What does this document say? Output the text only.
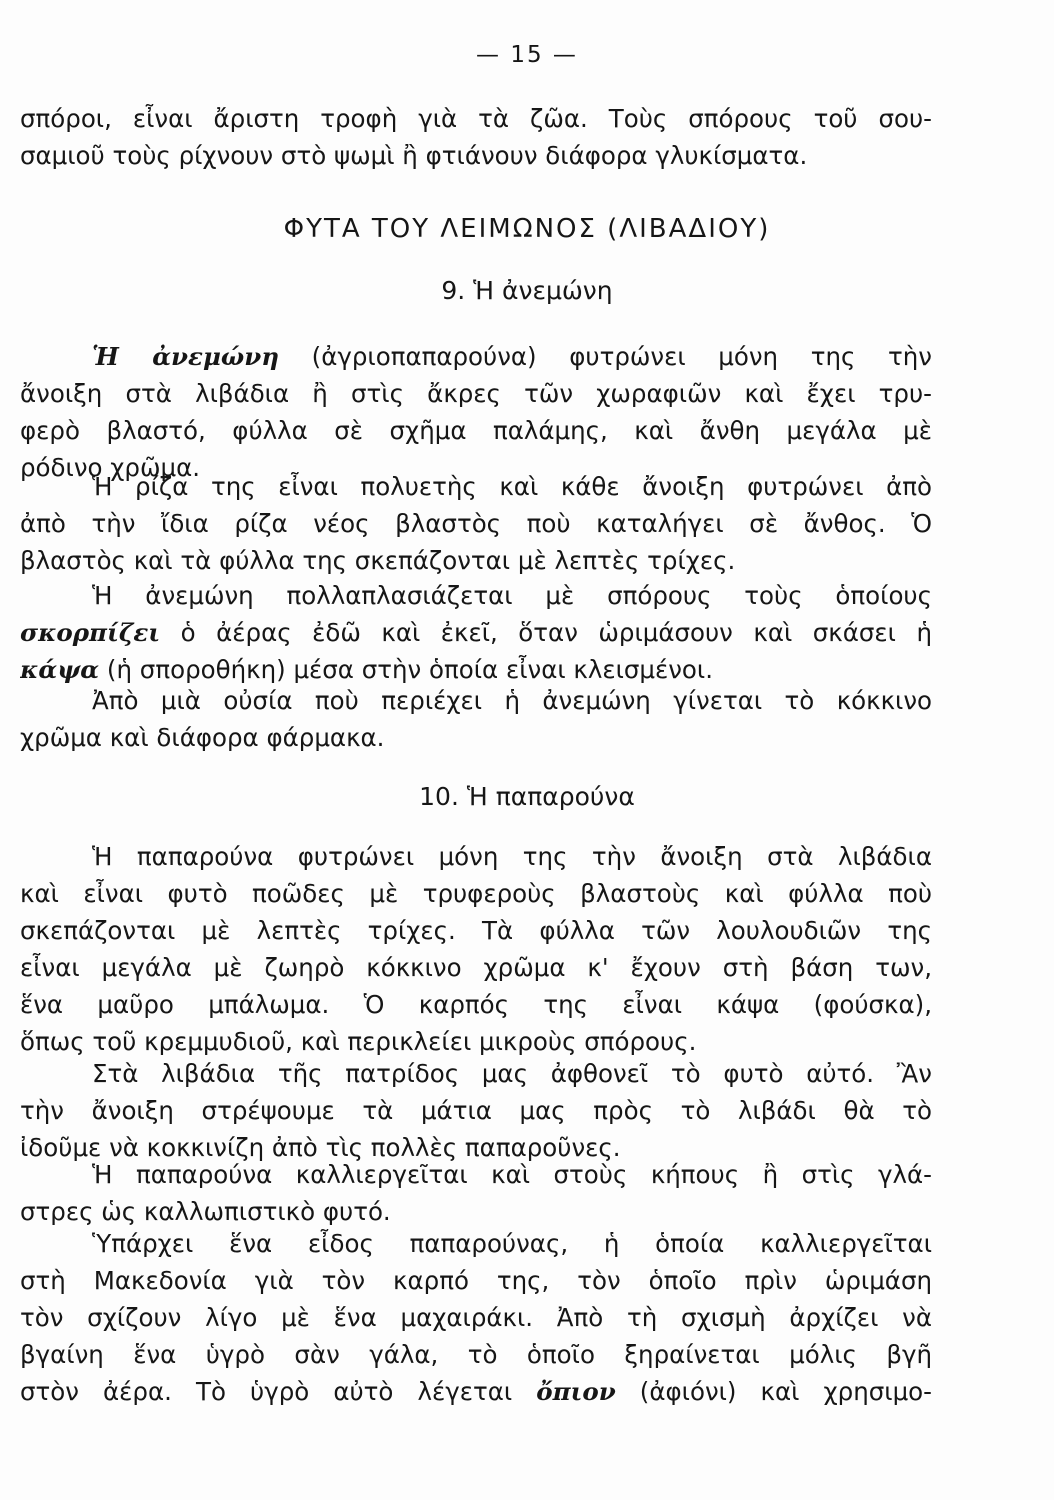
— 15 —
σπόροι, εἶναι ἄριστη τροφὴ γιὰ τὰ ζῶα. Τοὺς σπόρους τοῦ σου-
σαμιοῦ τοὺς ρίχνουν στὸ ψωμὶ ἢ φτιάνουν διάφορα γλυκίσματα.
ΦΥΤΑ ΤΟΥ ΛΕΙΜΩΝΟΣ (ΛΙΒΑΔΙΟΥ)
9. Ἡ ἀνεμώνη
Ἡ ἀνεμώνη (ἀγριοπαπαρούνα) φυτρώνει μόνη της τὴν
ἄνοιξη στὰ λιβάδια ἢ στὶς ἄκρες τῶν χωραφιῶν καὶ ἔχει τρυ-
φερὸ βλαστό, φύλλα σὲ σχῆμα παλάμης, καὶ ἄνθη μεγάλα μὲ
ρόδινο χρῶμα.
Ἡ ρίζα της εἶναι πολυετὴς καὶ κάθε ἄνοιξη φυτρώνει ἀπὸ
ἀπὸ τὴν ἴδια ρίζα νέος βλαστὸς ποὺ καταλήγει σὲ ἄνθος. Ὁ
βλαστὸς καὶ τὰ φύλλα της σκεπάζονται μὲ λεπτὲς τρίχες.
Ἡ ἀνεμώνη πολλαπλασιάζεται μὲ σπόρους τοὺς ὁποίους
σκορπίζει ὁ ἀέρας ἐδῶ καὶ ἐκεῖ, ὅταν ὡριμάσουν καὶ σκάσει ἡ
κάψα (ἡ σποροθήκη) μέσα στὴν ὁποία εἶναι κλεισμένοι.
Ἀπὸ μιὰ οὐσία ποὺ περιέχει ἡ ἀνεμώνη γίνεται τὸ κόκκινο
χρῶμα καὶ διάφορα φάρμακα.
10. Ἡ παπαρούνα
Ἡ παπαρούνα φυτρώνει μόνη της τὴν ἄνοιξη στὰ λιβάδια
καὶ εἶναι φυτὸ ποῶδες μὲ τρυφεροὺς βλαστοὺς καὶ φύλλα ποὺ
σκεπάζονται μὲ λεπτὲς τρίχες. Τὰ φύλλα τῶν λουλουδιῶν της
εἶναι μεγάλα μὲ ζωηρὸ κόκκινο χρῶμα κ' ἔχουν στὴ βάση των,
ἕνα μαῦρο μπάλωμα. Ὁ καρπός της εἶναι κάψα (φούσκα),
ὅπως τοῦ κρεμμυδιοῦ, καὶ περικλείει μικροὺς σπόρους.
Στὰ λιβάδια τῆς πατρίδος μας ἀφθονεῖ τὸ φυτὸ αὐτό. Ἂν
τὴν ἄνοιξη στρέψουμε τὰ μάτια μας πρὸς τὸ λιβάδι θὰ τὸ
ἰδοῦμε νὰ κοκκινίζη ἀπὸ τὶς πολλὲς παπαροῦνες.
Ἡ παπαρούνα καλλιεργεῖται καὶ στοὺς κήπους ἢ στὶς γλά-
στρες ὡς καλλωπιστικὸ φυτό.
Ὑπάρχει ἕνα εἶδος παπαρούνας, ἡ ὁποία καλλιεργεῖται
στὴ Μακεδονία γιὰ τὸν καρπό της, τὸν ὁποῖο πρὶν ὡριμάση
τὸν σχίζουν λίγο μὲ ἕνα μαχαιράκι. Ἀπὸ τὴ σχισμὴ ἀρχίζει νὰ
βγαίνη ἕνα ὑγρὸ σὰν γάλα, τὸ ὁποῖο ξηραίνεται μόλις βγῆ
στὸν ἀέρα. Τὸ ὑγρὸ αὐτὸ λέγεται ὄπιον (ἀφιόνι) καὶ χρησιμο-
